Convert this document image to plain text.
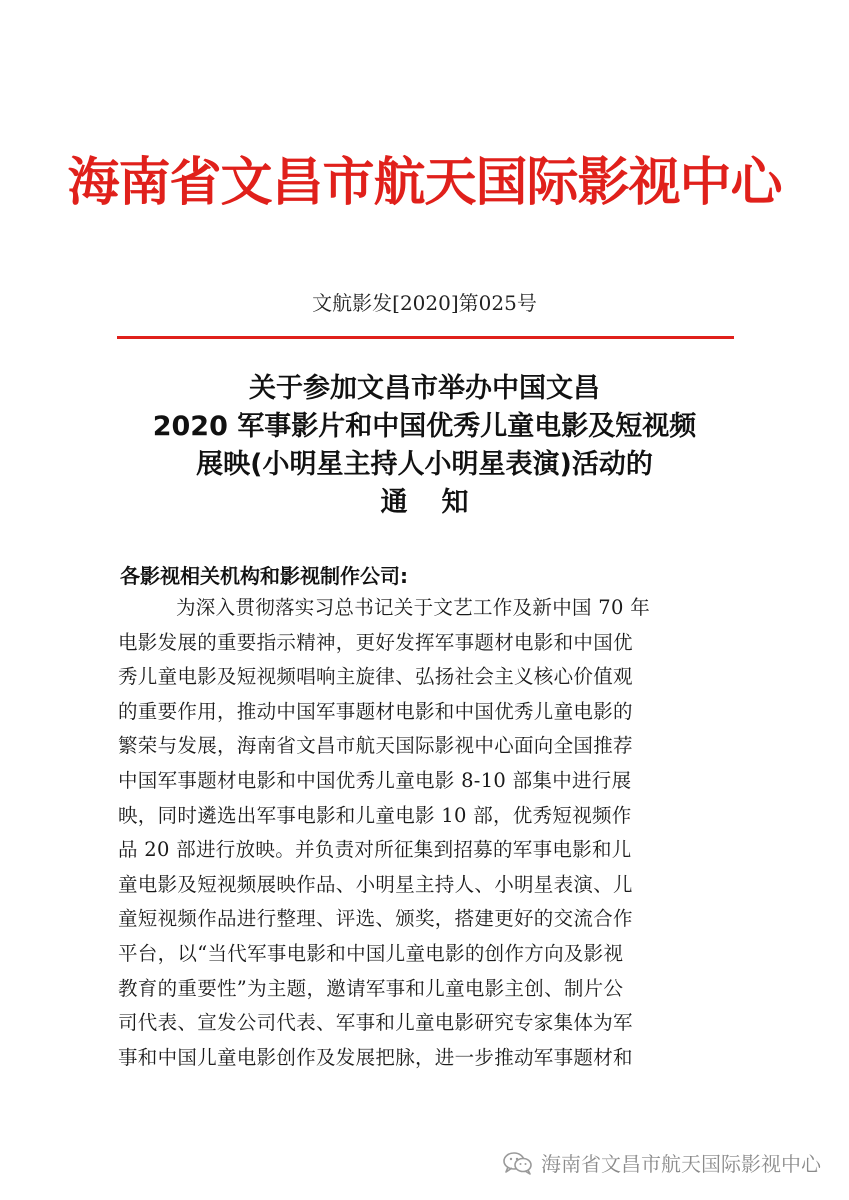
海南省文昌市航天国际影视中心
文航影发[2020]第025号
关于参加文昌市举办中国文昌
2020 军事影片和中国优秀儿童电影及短视频
展映(小明星主持人小明星表演)活动的
通知
各影视相关机构和影视制作公司:
为深入贯彻落实习总书记关于文艺工作及新中国 70 年
电影发展的重要指示精神，更好发挥军事题材电影和中国优
秀儿童电影及短视频唱响主旋律、弘扬社会主义核心价值观
的重要作用，推动中国军事题材电影和中国优秀儿童电影的
繁荣与发展，海南省文昌市航天国际影视中心面向全国推荐
中国军事题材电影和中国优秀儿童电影 8-10 部集中进行展
映，同时遴选出军事电影和儿童电影 10 部，优秀短视频作
品 20 部进行放映。并负责对所征集到招募的军事电影和儿
童电影及短视频展映作品、小明星主持人、小明星表演、儿
童短视频作品进行整理、评选、颁奖，搭建更好的交流合作
平台，以“当代军事电影和中国儿童电影的创作方向及影视
教育的重要性”为主题，邀请军事和儿童电影主创、制片公
司代表、宣发公司代表、军事和儿童电影研究专家集体为军
事和中国儿童电影创作及发展把脉，进一步推动军事题材和
海南省文昌市航天国际影视中心
